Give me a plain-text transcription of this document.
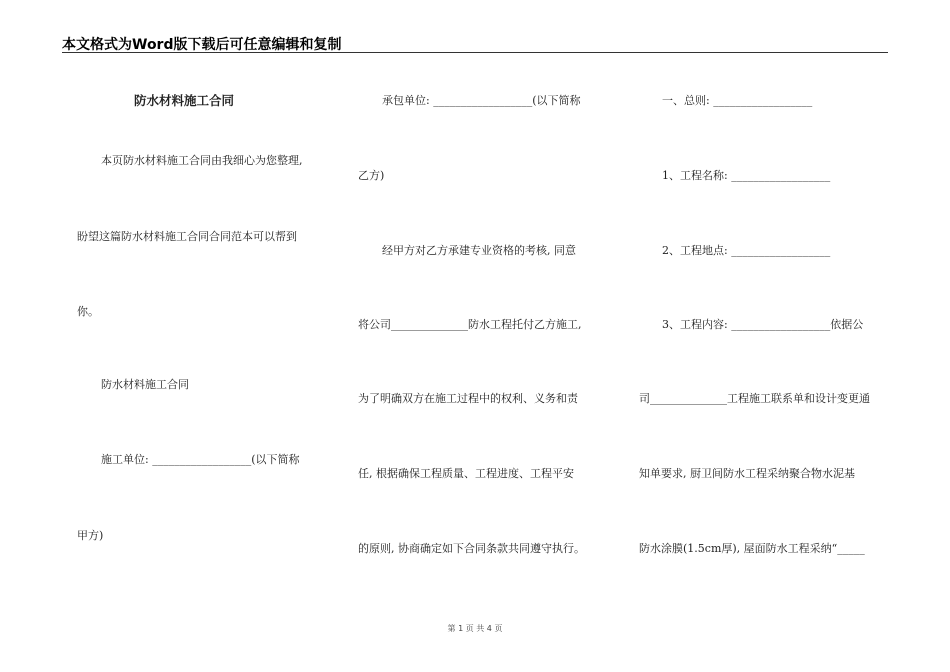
本文格式为Word版下载后可任意编辑和复制
防水材料施工合同
本页防水材料施工合同由我细心为您整理,
盼望这篇防水材料施工合同合同范本可以帮到
你。
防水材料施工合同
施工单位: __________________(以下简称
甲方)
承包单位: __________________(以下简称
乙方)
经甲方对乙方承建专业资格的考核, 同意
将公司______________防水工程托付乙方施工,
为了明确双方在施工过程中的权利、义务和责
任, 根据确保工程质量、工程进度、工程平安
的原则, 协商确定如下合同条款共同遵守执行。
一、总则: __________________
1、工程名称: __________________
2、工程地点: __________________
3、工程内容: __________________依据公
司______________工程施工联系单和设计变更通
知单要求, 厨卫间防水工程采纳聚合物水泥基
防水涂膜(1.5cm厚), 屋面防水工程采纳“_____
第 1 页 共 4 页
